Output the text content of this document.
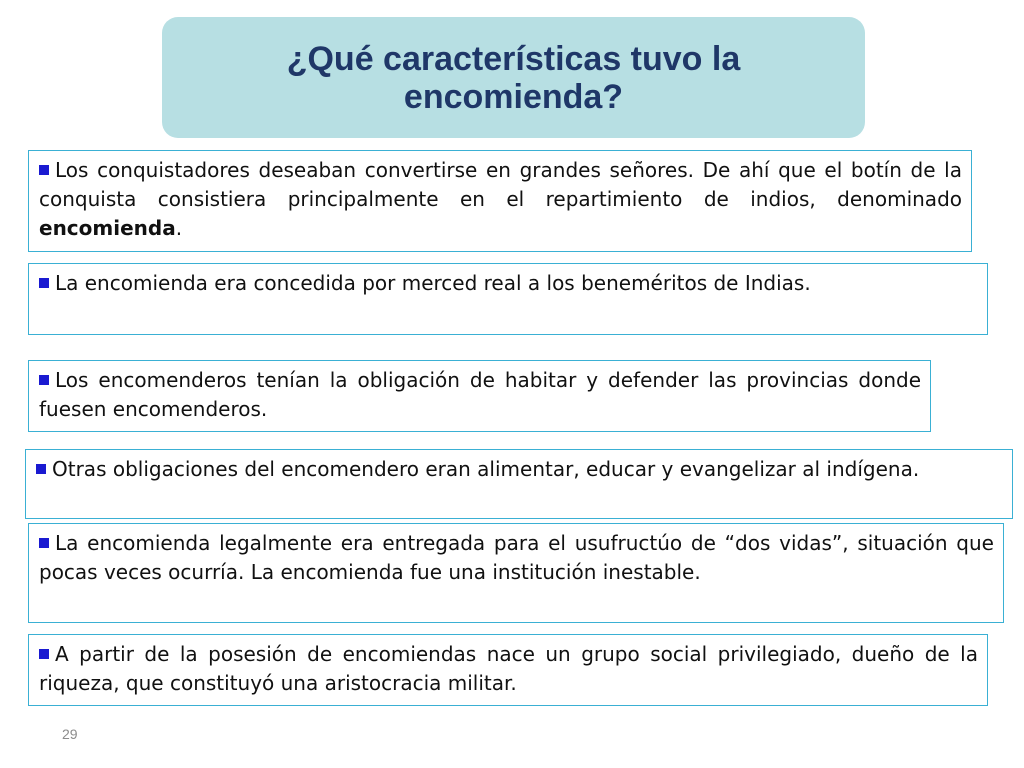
¿Qué características tuvo la encomienda?

Los conquistadores deseaban convertirse en grandes señores. De ahí que el botín de la conquista consistiera principalmente en el repartimiento de indios, denominado encomienda.

La encomienda era concedida por merced real a los beneméritos de Indias.

Los encomenderos tenían la obligación de habitar y defender las provincias donde fuesen encomenderos.

Otras obligaciones del encomendero eran alimentar, educar y evangelizar al indígena.

La encomienda legalmente era entregada para el usufructúo de “dos vidas”, situación que pocas veces ocurría. La encomienda fue una institución inestable.

A partir de la posesión de encomiendas nace un grupo social privilegiado, dueño de la riqueza, que constituyó una aristocracia militar.

29
